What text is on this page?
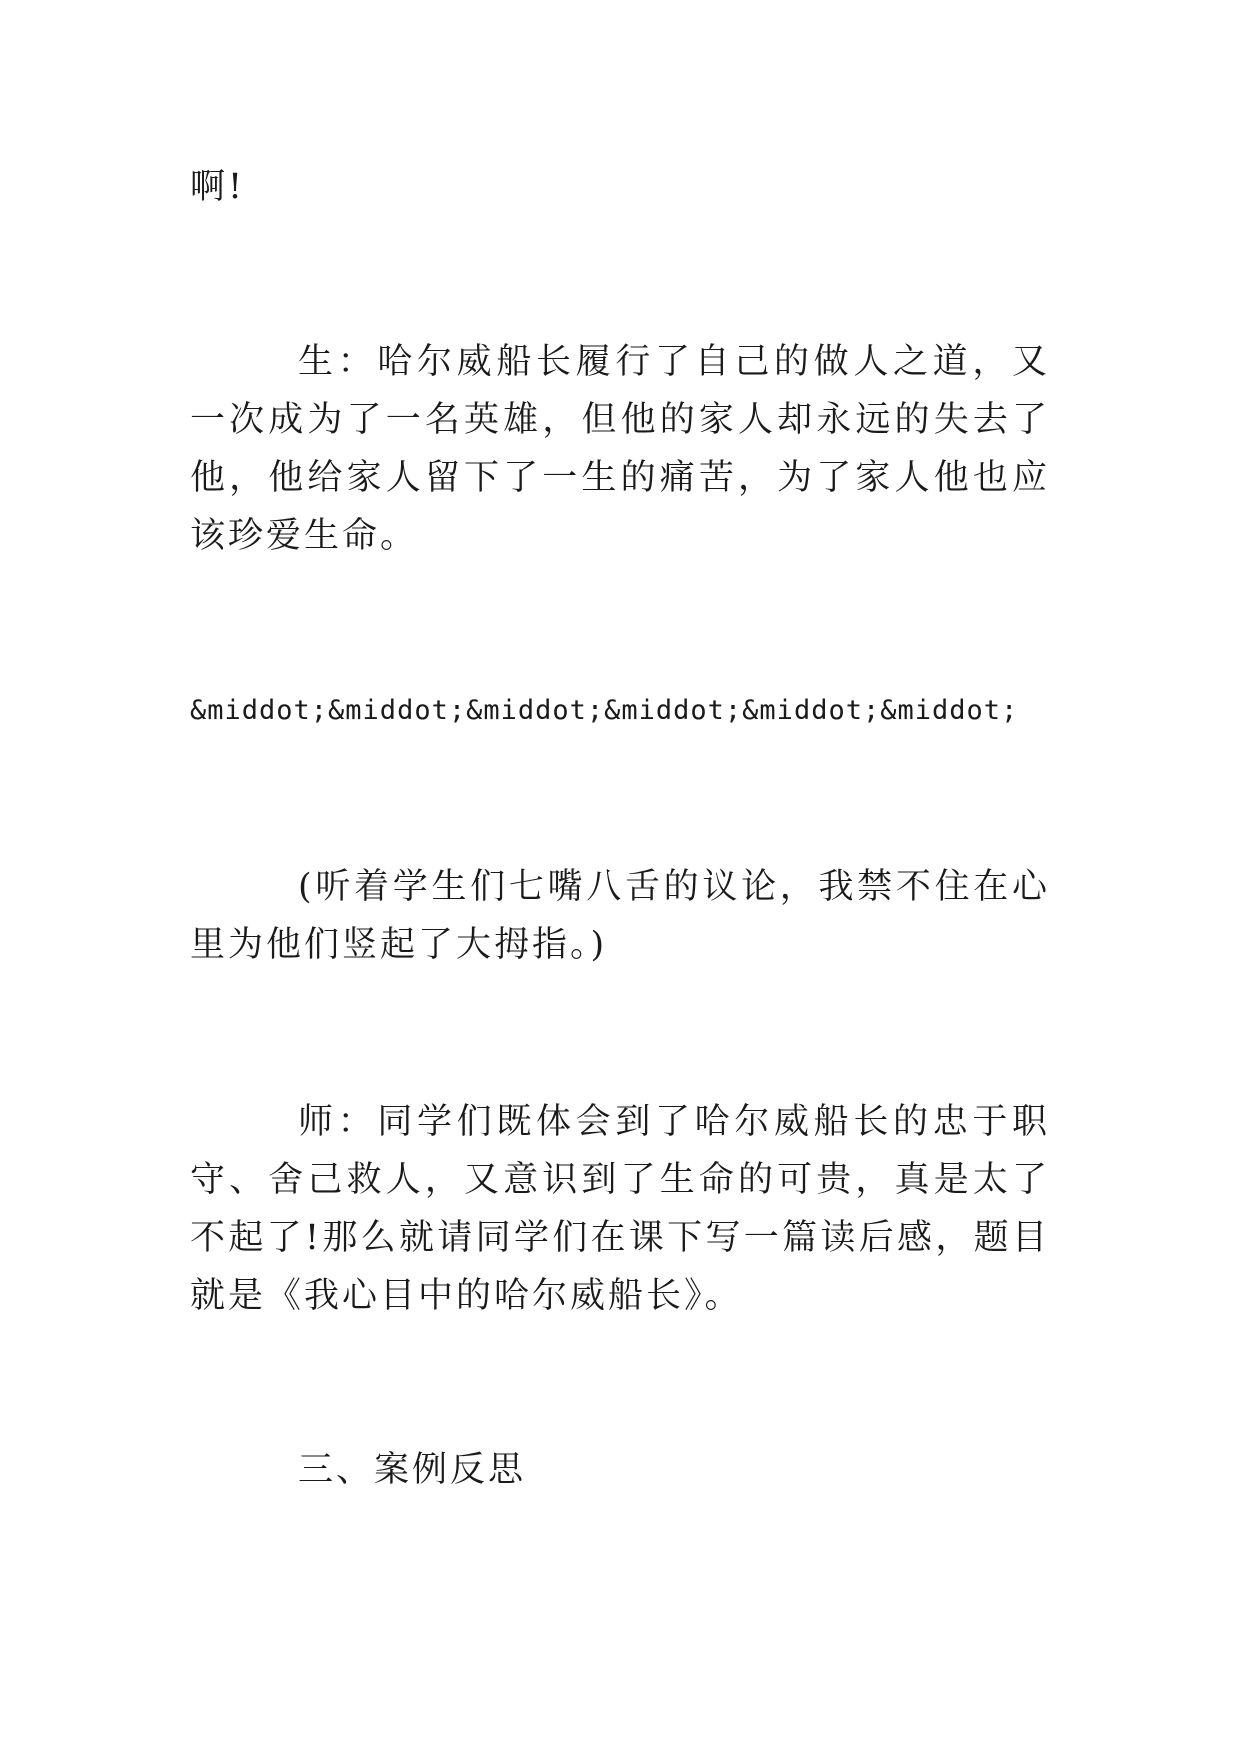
啊!

生：哈尔威船长履行了自己的做人之道，又一次成为了一名英雄，但他的家人却永远的失去了他，他给家人留下了一生的痛苦，为了家人他也应该珍爱生命。

&middot;&middot;&middot;&middot;&middot;&middot;

(听着学生们七嘴八舌的议论，我禁不住在心里为他们竖起了大拇指。)

师：同学们既体会到了哈尔威船长的忠于职守、舍己救人，又意识到了生命的可贵，真是太了不起了!那么就请同学们在课下写一篇读后感，题目就是《我心目中的哈尔威船长》。

三、案例反思
